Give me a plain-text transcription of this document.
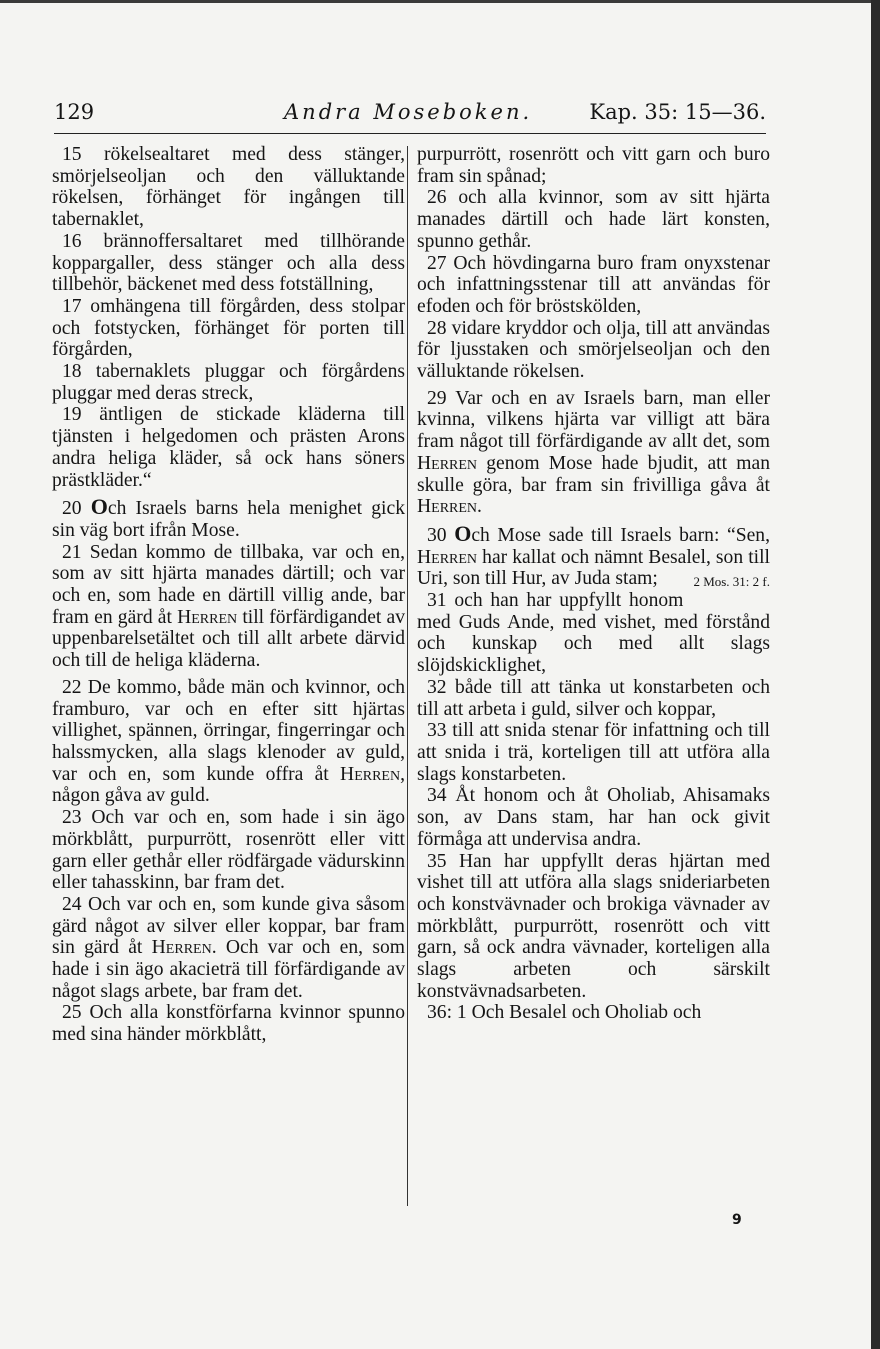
129	Andra Moseboken.	Kap. 35: 15—36.

15 rökelsealtaret med dess stänger, smörjelseoljan och den välluktande rökelsen, förhänget för ingången till tabernaklet,

16 brännoffersaltaret med tillhörande koppargaller, dess stänger och alla dess tillbehör, bäckenet med dess fotställning,

17 omhängena till förgården, dess stolpar och fotstycken, förhänget för porten till förgården,

18 tabernaklets pluggar och förgårdens pluggar med deras streck,

19 äntligen de stickade kläderna till tjänsten i helgedomen och prästen Arons andra heliga kläder, så ock hans söners prästkläder.“

20 Och Israels barns hela menighet gick sin väg bort ifrån Mose.

21 Sedan kommo de tillbaka, var och en, som av sitt hjärta manades därtill; och var och en, som hade en därtill villig ande, bar fram en gärd åt Herren till förfärdigandet av uppenbarelsetältet och till allt arbete därvid och till de heliga kläderna.

22 De kommo, både män och kvinnor, och framburo, var och en efter sitt hjärtas villighet, spännen, örringar, fingerringar och halssmycken, alla slags klenoder av guld, var och en, som kunde offra åt Herren, någon gåva av guld.

23 Och var och en, som hade i sin ägo mörkblått, purpurrött, rosenrött eller vitt garn eller gethår eller rödfärgade vädurskinn eller tahasskinn, bar fram det.

24 Och var och en, som kunde giva såsom gärd något av silver eller koppar, bar fram sin gärd åt Herren. Och var och en, som hade i sin ägo akacieträ till förfärdigande av något slags arbete, bar fram det.

25 Och alla konstförfarna kvinnor spunno med sina händer mörkblått,

purpurrött, rosenrött och vitt garn och buro fram sin spånad;

26 och alla kvinnor, som av sitt hjärta manades därtill och hade lärt konsten, spunno gethår.

27 Och hövdingarna buro fram onyxstenar och infattningsstenar till att användas för efoden och för bröstskölden,

28 vidare kryddor och olja, till att användas för ljusstaken och smörjelseoljan och den välluktande rökelsen.

29 Var och en av Israels barn, man eller kvinna, vilkens hjärta var villigt att bära fram något till förfärdigande av allt det, som Herren genom Mose hade bjudit, att man skulle göra, bar fram sin frivilliga gåva åt Herren.

30 Och Mose sade till Israels barn: “Sen, Herren har kallat och nämnt Besalel, son till Uri, son till Hur, av Juda stam;	2 Mos. 31: 2 f.

31 och han har uppfyllt honom med Guds Ande, med vishet, med förstånd och kunskap och med allt slags slöjdskicklighet,

32 både till att tänka ut konstarbeten och till att arbeta i guld, silver och koppar,

33 till att snida stenar för infattning och till att snida i trä, korteligen till att utföra alla slags konstarbeten.

34 Åt honom och åt Oholiab, Ahisamaks son, av Dans stam, har han ock givit förmåga att undervisa andra.

35 Han har uppfyllt deras hjärtan med vishet till att utföra alla slags snideriarbeten och konstvävnader och brokiga vävnader av mörkblått, purpurrött, rosenrött och vitt garn, så ock andra vävnader, korteligen alla slags arbeten och särskilt konstvävnadsarbeten.

36: 1 Och Besalel och Oholiab och

9
